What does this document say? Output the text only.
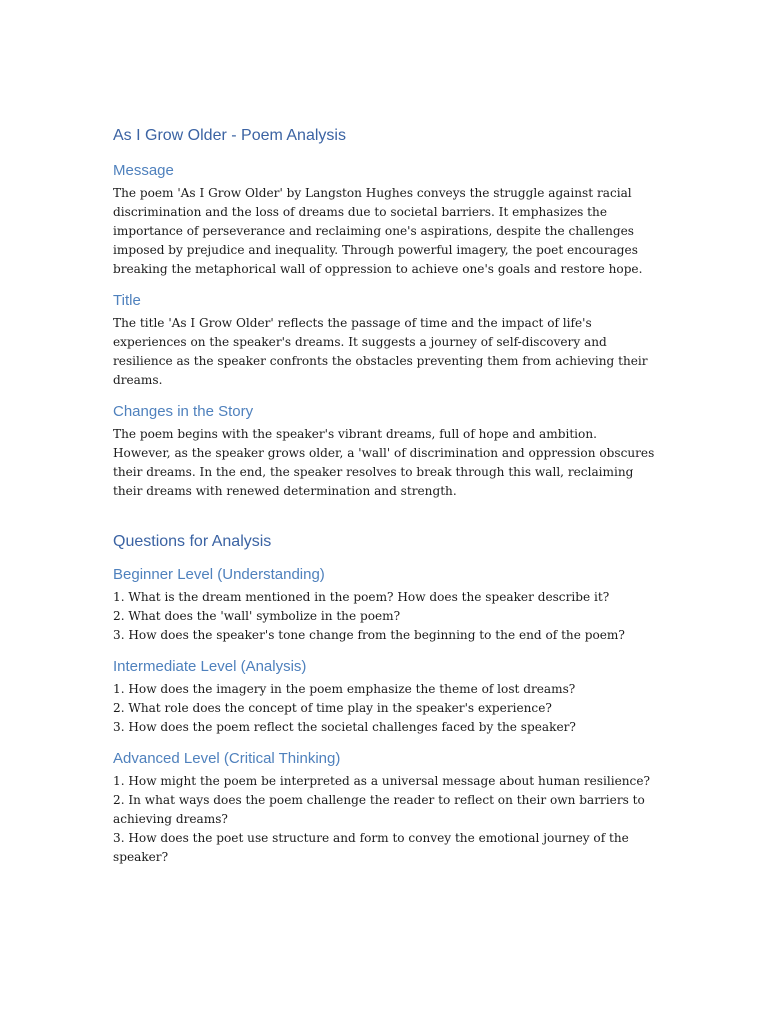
As I Grow Older - Poem Analysis
Message

The poem 'As I Grow Older' by Langston Hughes conveys the struggle against racial discrimination and the loss of dreams due to societal barriers. It emphasizes the importance of perseverance and reclaiming one's aspirations, despite the challenges imposed by prejudice and inequality. Through powerful imagery, the poet encourages breaking the metaphorical wall of oppression to achieve one's goals and restore hope.

Title

The title 'As I Grow Older' reflects the passage of time and the impact of life's experiences on the speaker's dreams. It suggests a journey of self-discovery and resilience as the speaker confronts the obstacles preventing them from achieving their dreams.

Changes in the Story

The poem begins with the speaker's vibrant dreams, full of hope and ambition. However, as the speaker grows older, a 'wall' of discrimination and oppression obscures their dreams. In the end, the speaker resolves to break through this wall, reclaiming their dreams with renewed determination and strength.

Questions for Analysis
Beginner Level (Understanding)
1. What is the dream mentioned in the poem? How does the speaker describe it?
2. What does the 'wall' symbolize in the poem?
3. How does the speaker's tone change from the beginning to the end of the poem?
Intermediate Level (Analysis)
1. How does the imagery in the poem emphasize the theme of lost dreams?
2. What role does the concept of time play in the speaker's experience?
3. How does the poem reflect the societal challenges faced by the speaker?
Advanced Level (Critical Thinking)
1. How might the poem be interpreted as a universal message about human resilience?
2. In what ways does the poem challenge the reader to reflect on their own barriers to achieving dreams?
3. How does the poet use structure and form to convey the emotional journey of the speaker?
